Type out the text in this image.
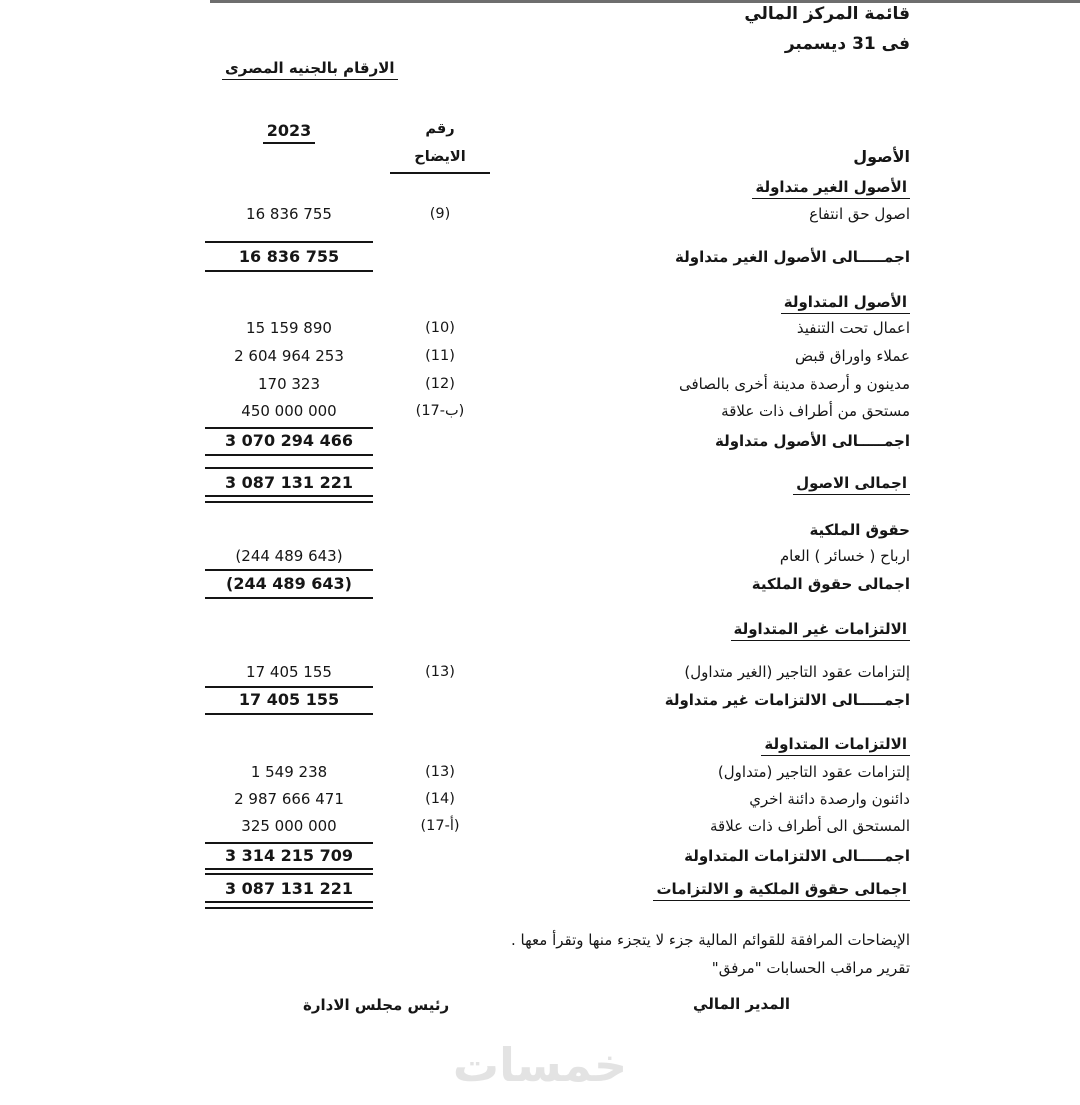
قائمة المركز المالي
فى 31 ديسمبر
الارقام بالجنيه المصرى
2023	رقم
الايضاح	الأصول
الأصول الغير متداولة
اصول حق انتفاع
(9)
16 836 755
اجمـــــالى الأصول الغير متداولة
16 836 755
الأصول المتداولة
اعمال تحت التنفيذ
(10)
15 159 890
عملاء واوراق قبض
(11)
2 604 964 253
مدينون و أرصدة مدينة أخرى بالصافى
(12)
170 323
مستحق من أطراف ذات علاقة
(ب-17)
450 000 000
اجمـــــالى الأصول متداولة
3 070 294 466
اجمالى الاصول
3 087 131 221
حقوق الملكية
ارباح ( خسائر ) العام
(244 489 643)
اجمالى حقوق الملكية
(244 489 643)
الالتزامات غير المتداولة
إلتزامات عقود التاجير (الغير متداول)
(13)
17 405 155
اجمـــــالى الالتزامات غير متداولة
17 405 155
الالتزامات المتداولة
إلتزامات عقود التاجير (متداول)
(13)
1 549 238
دائنون وارصدة دائنة اخري
(14)
2 987 666 471
المستحق الى أطراف ذات علاقة
(أ-17)
325 000 000
اجمـــــالى الالتزامات المتداولة
3 314 215 709
اجمالى حقوق الملكية و الالتزامات
3 087 131 221
الإيضاحات المرافقة للقوائم المالية جزء لا يتجزء منها وتقرأ معها .
تقرير مراقب الحسابات "مرفق"
المدير المالي
رئيس مجلس الادارة
خمسات
